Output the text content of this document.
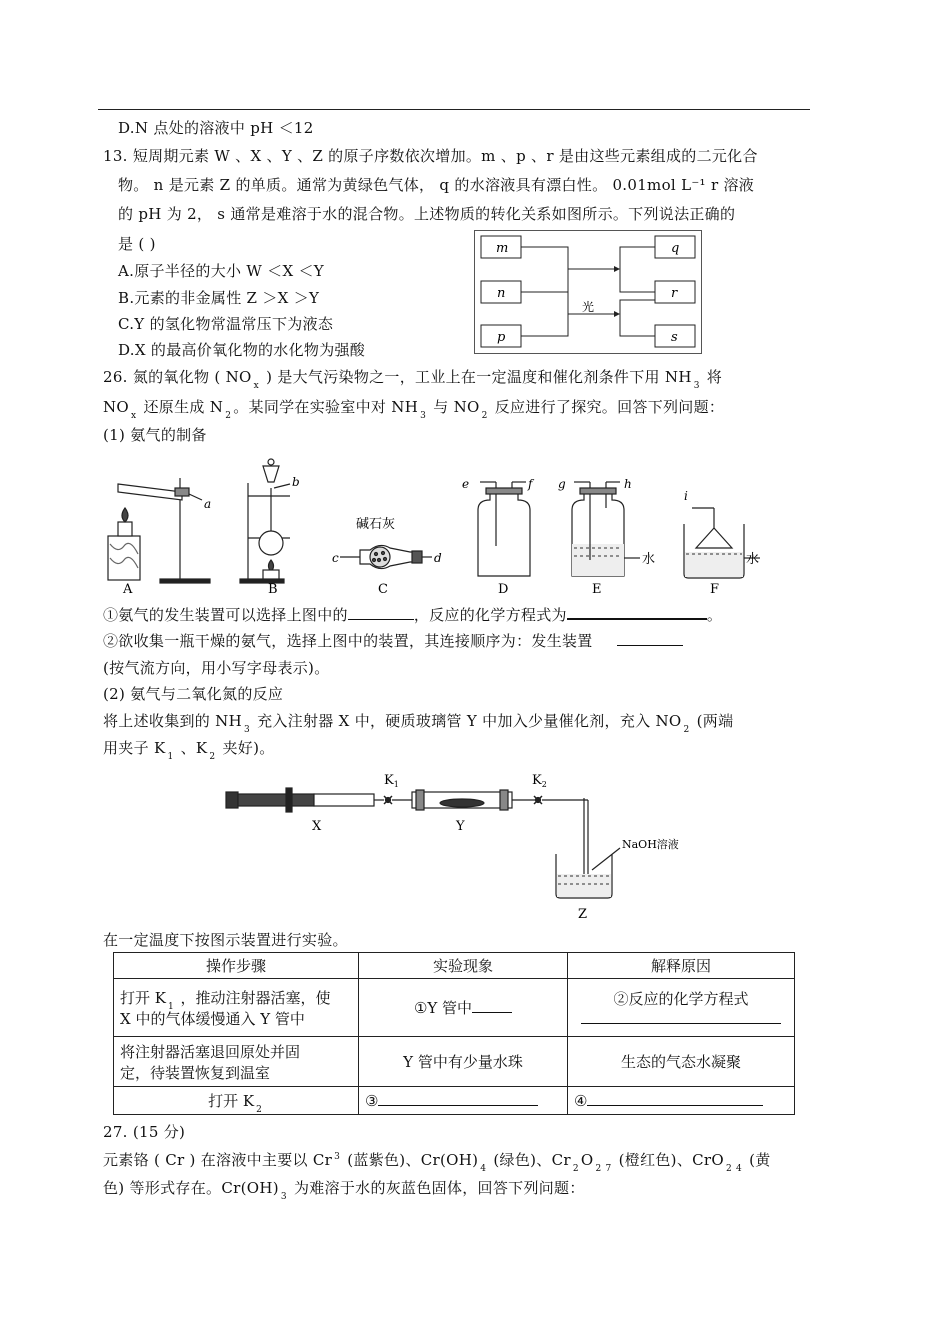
D.N 点处的溶液中 pH ＜12
13. 短周期元素 W 、X 、Y 、Z 的原子序数依次增加。m 、p 、r 是由这些元素组成的二元化合
物。 n 是元素 Z 的单质。通常为黄绿色气体， q 的水溶液具有漂白性。 0.01mol L⁻¹ r 溶液
的 pH 为 2， s 通常是难溶于水的混合物。上述物质的转化关系如图所示。下列说法正确的
是 ( )
A.原子半径的大小 W ＜X ＜Y
B.元素的非金属性 Z ＞X ＞Y
C.Y 的氢化物常温常压下为液态
D.X 的最高价氧化物的水化物为强酸
m
n
p
q
r
s
光
26. 氮的氧化物 ( NO $_x$ ) 是大气污染物之一，工业上在一定温度和催化剂条件下用 NH $_3$ 将
NO $_x$ 还原生成 N $_2$ 。某同学在实验室中对 NH $_3$ 与 NO $_2$ 反应进行了探究。回答下列问题：
(1) 氨气的制备
a
A
b
B
c	d
碱石灰
C
e	f
D
g	h
水
E
i
水
F
①氨气的发生装置可以选择上图中的	，反应的化学方程式为	。
②欲收集一瓶干燥的氨气，选择上图中的装置，其连接顺序为：发生装置
(按气流方向，用小写字母表示)。
(2) 氨气与二氧化氮的反应
将上述收集到的 NH $_3$ 充入注射器 X 中，硬质玻璃管 Y 中加入少量催化剂，充入 NO $_2$ (两端
用夹子 K $_1$ 、K $_2$ 夹好)。
$K_1$	$K_2$
X	Y
Z
NaOH溶液
在一定温度下按图示装置进行实验。
操作步骤	实验现象	解释原因
打开 K $_1$ ，推动注射器活塞，使
X 中的气体缓慢通入 Y 管中	①Y 管中	②反应的化学方程式

将注射器活塞退回原处并固
定，待装置恢复到温室	Y 管中有少量水珠	生态的气态水凝聚
打开 K $_2$	③	④
27. (15 分)
元素铬 ( Cr ) 在溶液中主要以 Cr $^3$ (蓝紫色)、Cr(OH) $_4$ (绿色)、Cr $_2$ O $_2$ $_7$ (橙红色)、CrO $_2$ $_4$ (黄
色) 等形式存在。Cr(OH) $_3$ 为难溶于水的灰蓝色固体，回答下列问题：
